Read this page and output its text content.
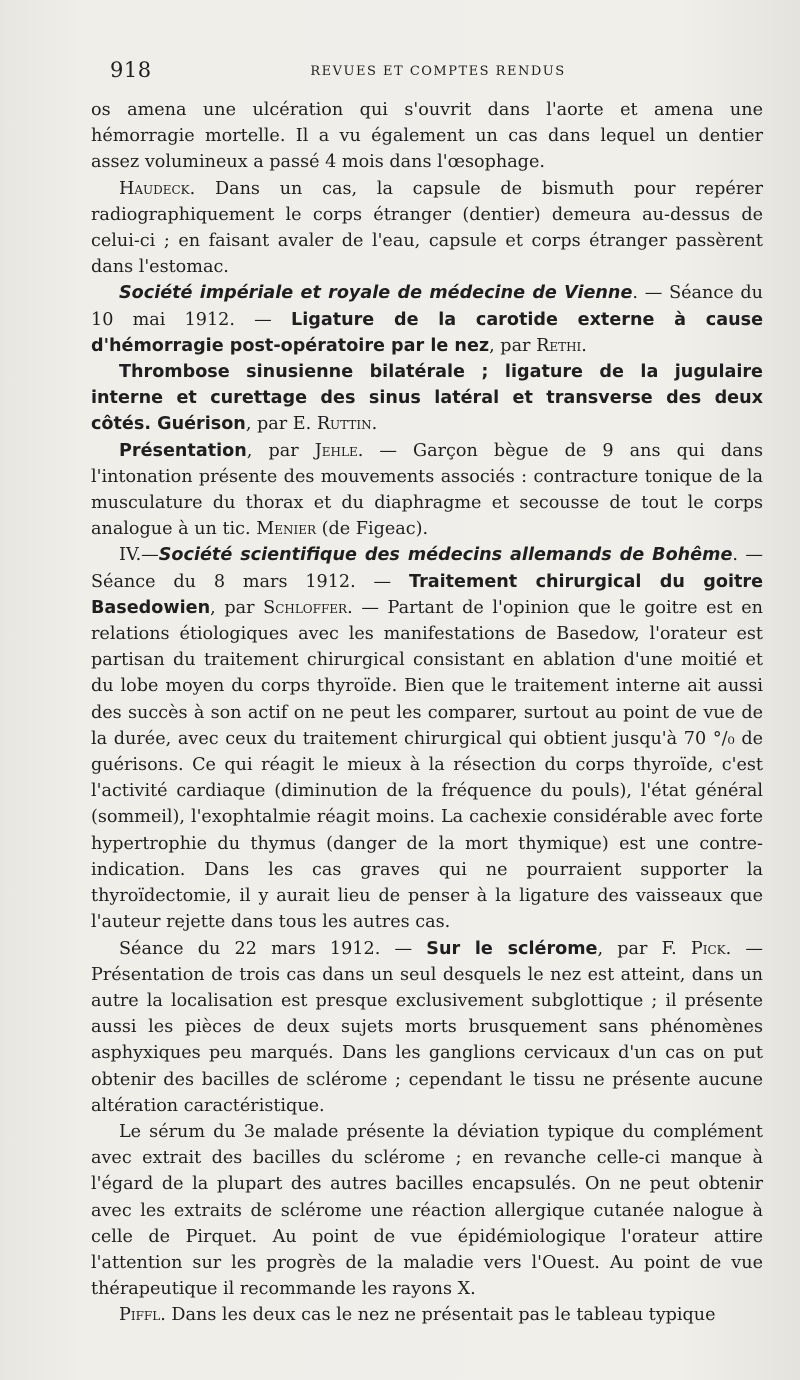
918	REVUES ET COMPTES RENDUS

os amena une ulcération qui s'ouvrit dans l'aorte et amena une hémorragie mortelle. Il a vu également un cas dans lequel un dentier assez volumineux a passé 4 mois dans l'œsophage.

Haudeck. Dans un cas, la capsule de bismuth pour repérer radiographiquement le corps étranger (dentier) demeura au-dessus de celui-ci ; en faisant avaler de l'eau, capsule et corps étranger passèrent dans l'estomac.

Société impériale et royale de médecine de Vienne. — Séance du 10 mai 1912. — Ligature de la carotide externe à cause d'hémorragie post-opératoire par le nez, par Rethi.

Thrombose sinusienne bilatérale ; ligature de la jugulaire interne et curettage des sinus latéral et transverse des deux côtés. Guérison, par E. Ruttin.

Présentation, par Jehle. — Garçon bègue de 9 ans qui dans l'intonation présente des mouvements associés : contracture tonique de la musculature du thorax et du diaphragme et secousse de tout le corps analogue à un tic. Menier (de Figeac).

IV.—Société scientifique des médecins allemands de Bohême. — Séance du 8 mars 1912. — Traitement chirurgical du goitre Basedowien, par Schloffer. — Partant de l'opinion que le goitre est en relations étiologiques avec les manifestations de Basedow, l'orateur est partisan du traitement chirurgical consistant en ablation d'une moitié et du lobe moyen du corps thyroïde. Bien que le traitement interne ait aussi des succès à son actif on ne peut les comparer, surtout au point de vue de la durée, avec ceux du traitement chirurgical qui obtient jusqu'à 70 °/₀ de guérisons. Ce qui réagit le mieux à la résection du corps thyroïde, c'est l'activité cardiaque (diminution de la fréquence du pouls), l'état général (sommeil), l'exophtalmie réagit moins. La cachexie considérable avec forte hypertrophie du thymus (danger de la mort thymique) est une contre-indication. Dans les cas graves qui ne pourraient supporter la thyroïdectomie, il y aurait lieu de penser à la ligature des vaisseaux que l'auteur rejette dans tous les autres cas.

Séance du 22 mars 1912. — Sur le sclérome, par F. Pick. — Présentation de trois cas dans un seul desquels le nez est atteint, dans un autre la localisation est presque exclusivement subglottique ; il présente aussi les pièces de deux sujets morts brusquement sans phénomènes asphyxiques peu marqués. Dans les ganglions cervicaux d'un cas on put obtenir des bacilles de sclérome ; cependant le tissu ne présente aucune altération caractéristique.

Le sérum du 3e malade présente la déviation typique du complément avec extrait des bacilles du sclérome ; en revanche celle-ci manque à l'égard de la plupart des autres bacilles encapsulés. On ne peut obtenir avec les extraits de sclérome une réaction allergique cutanée nalogue à celle de Pirquet. Au point de vue épidémiologique l'orateur attire l'attention sur les progrès de la maladie vers l'Ouest. Au point de vue thérapeutique il recommande les rayons X.

Piffl. Dans les deux cas le nez ne présentait pas le tableau typique
